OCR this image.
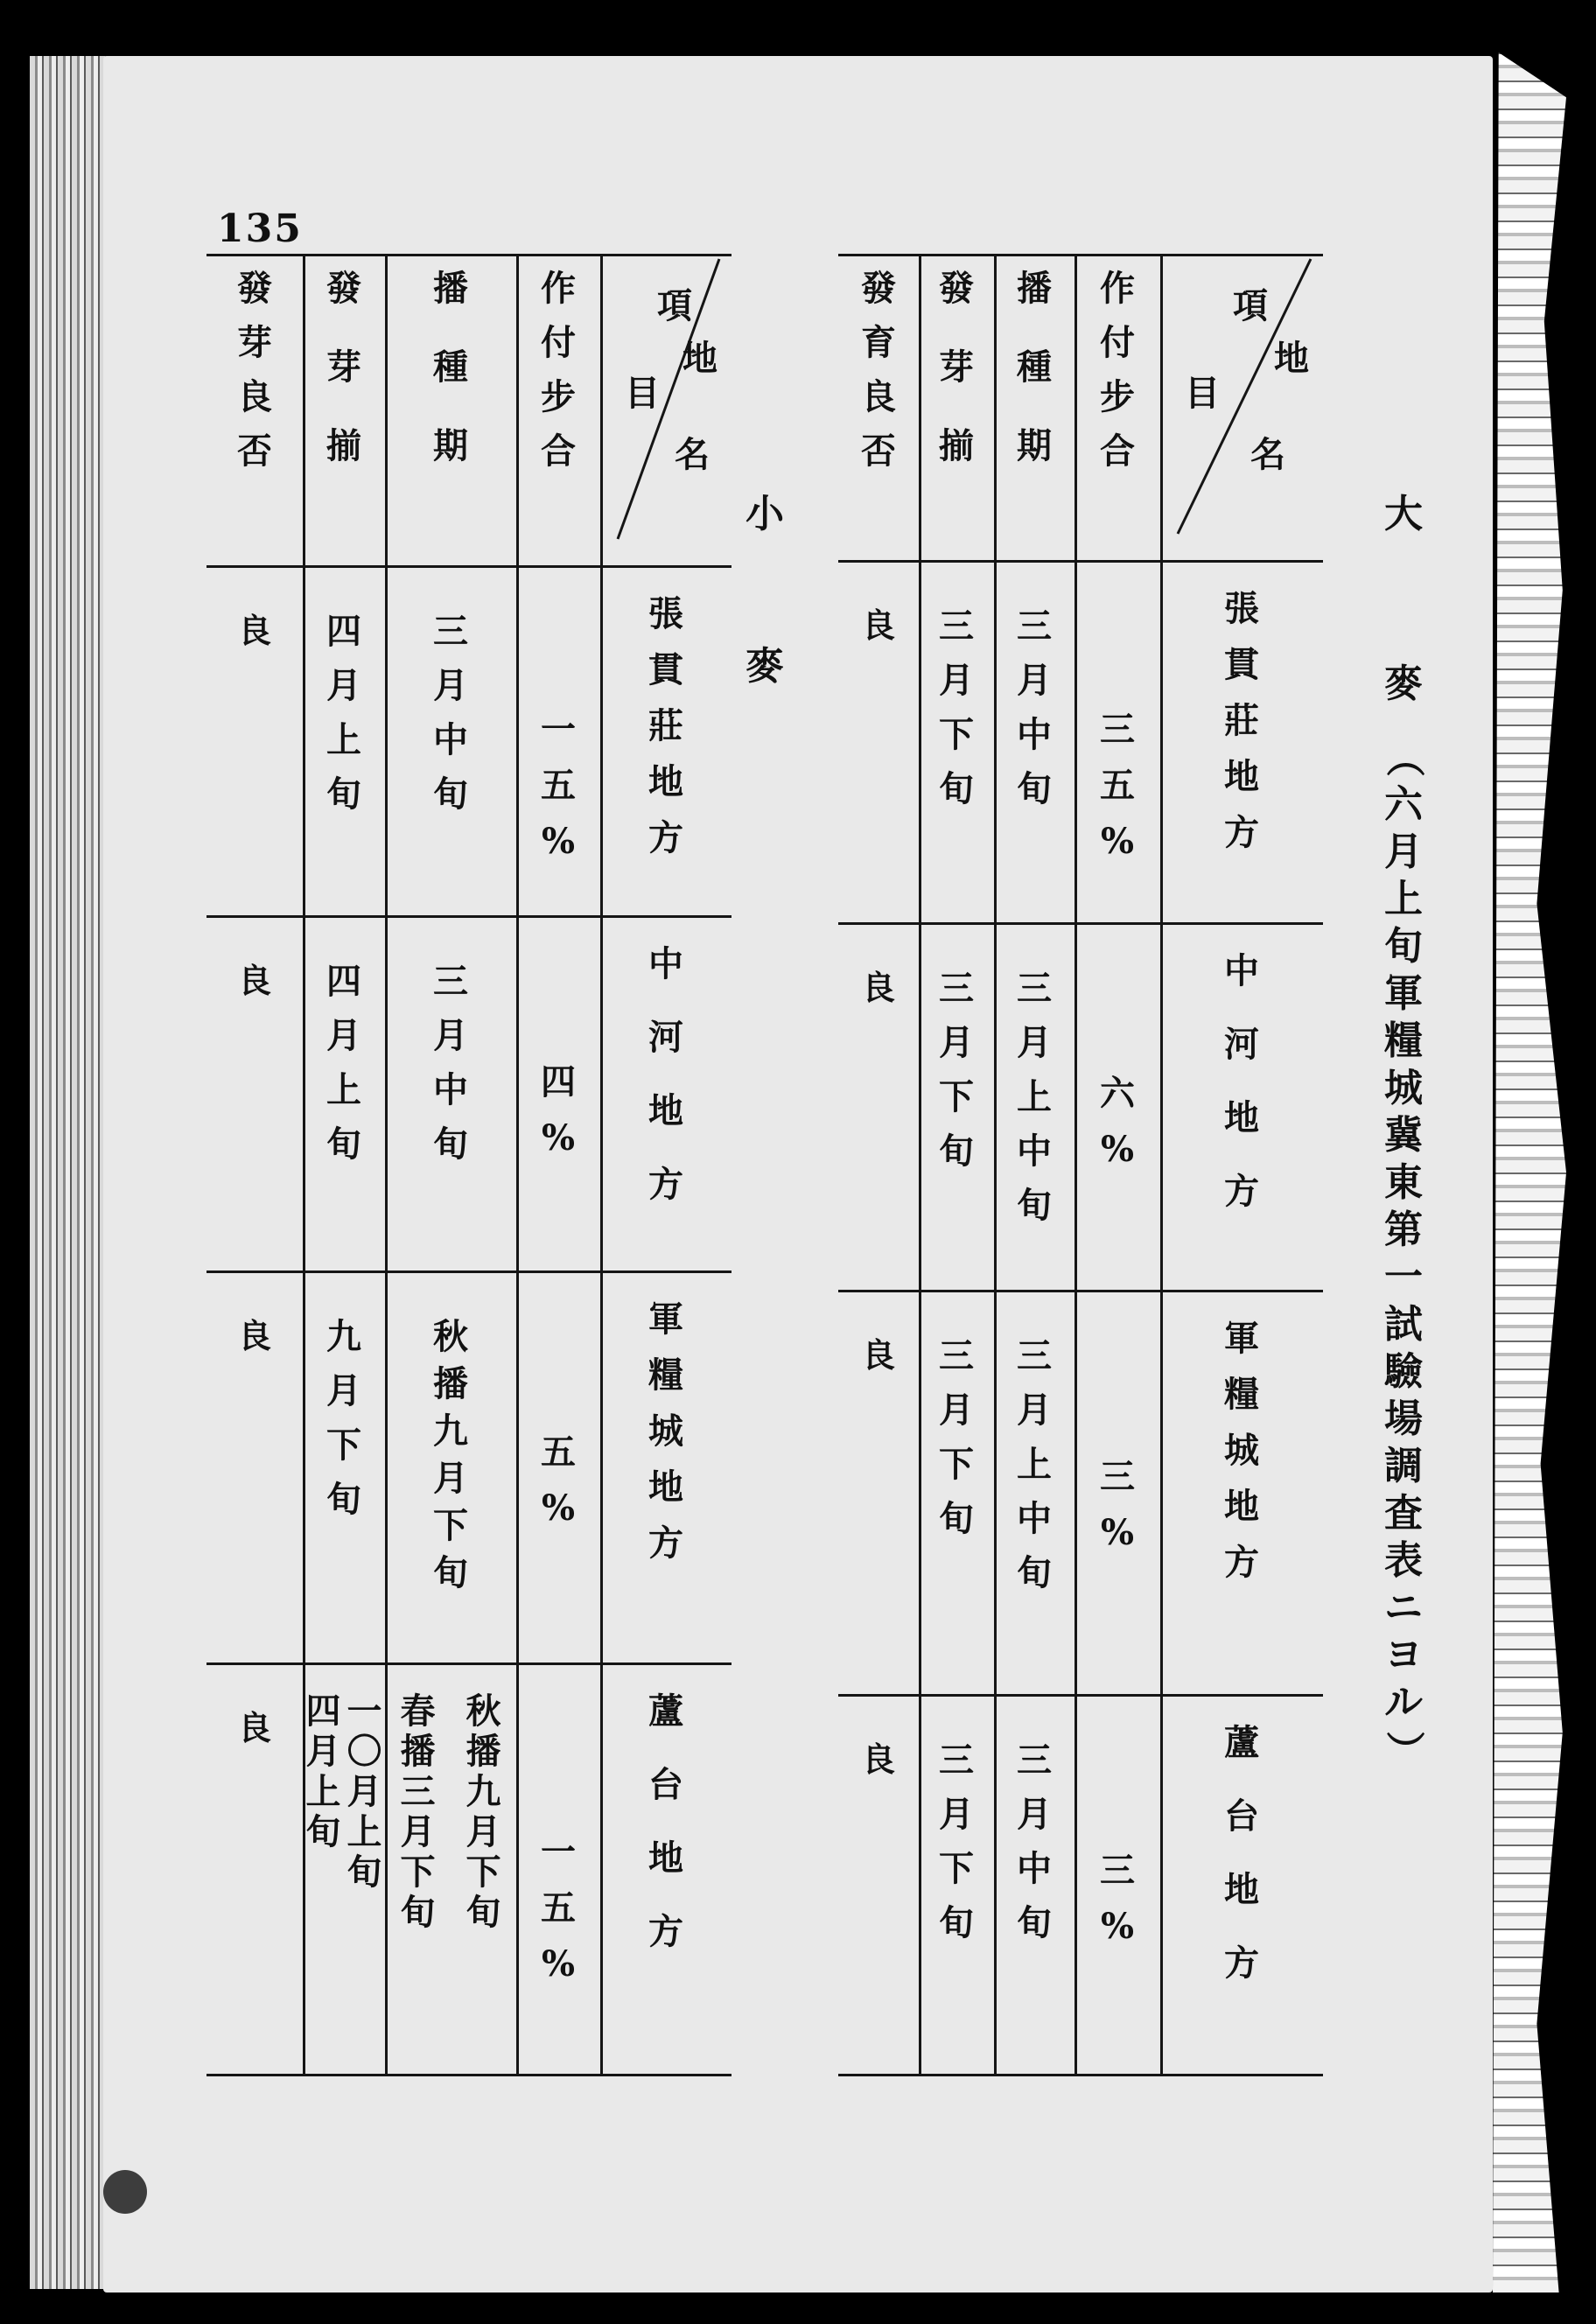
135
大
麥
（
六
月
上
旬
軍
糧
城
冀
東
第
一
試
驗
場
調
査
表
ニ
ヨ
ル
）
小
麥
地
項
目
名
發
育
良
否
發
芽
揃
播
種
期
作
付
步
合
張
貫
莊
地
方
三
五
%
三
月
中
旬
三
月
下
旬
良
中
河
地
方
六
%
三
月
上
中
旬
三
月
下
旬
良
軍
糧
城
地
方
三
%
三
月
上
中
旬
三
月
下
旬
良
蘆
台
地
方
三
%
三
月
中
旬
三
月
下
旬
良
地
項
目
名
發
芽
良
否
發
芽
揃
播
種
期
作
付
步
合
張
貫
莊
地
方
一
五
%
三
月
中
旬
四
月
上
旬
良
中
河
地
方
四
%
三
月
中
旬
四
月
上
旬
良
軍
糧
城
地
方
五
%
秋
播
九
月
下
旬
九
月
下
旬
良
蘆
台
地
方
一
五
%
春
播
三
月
下
旬
秋
播
九
月
下
旬
四
月
上
旬
一
〇
月
上
旬
良
